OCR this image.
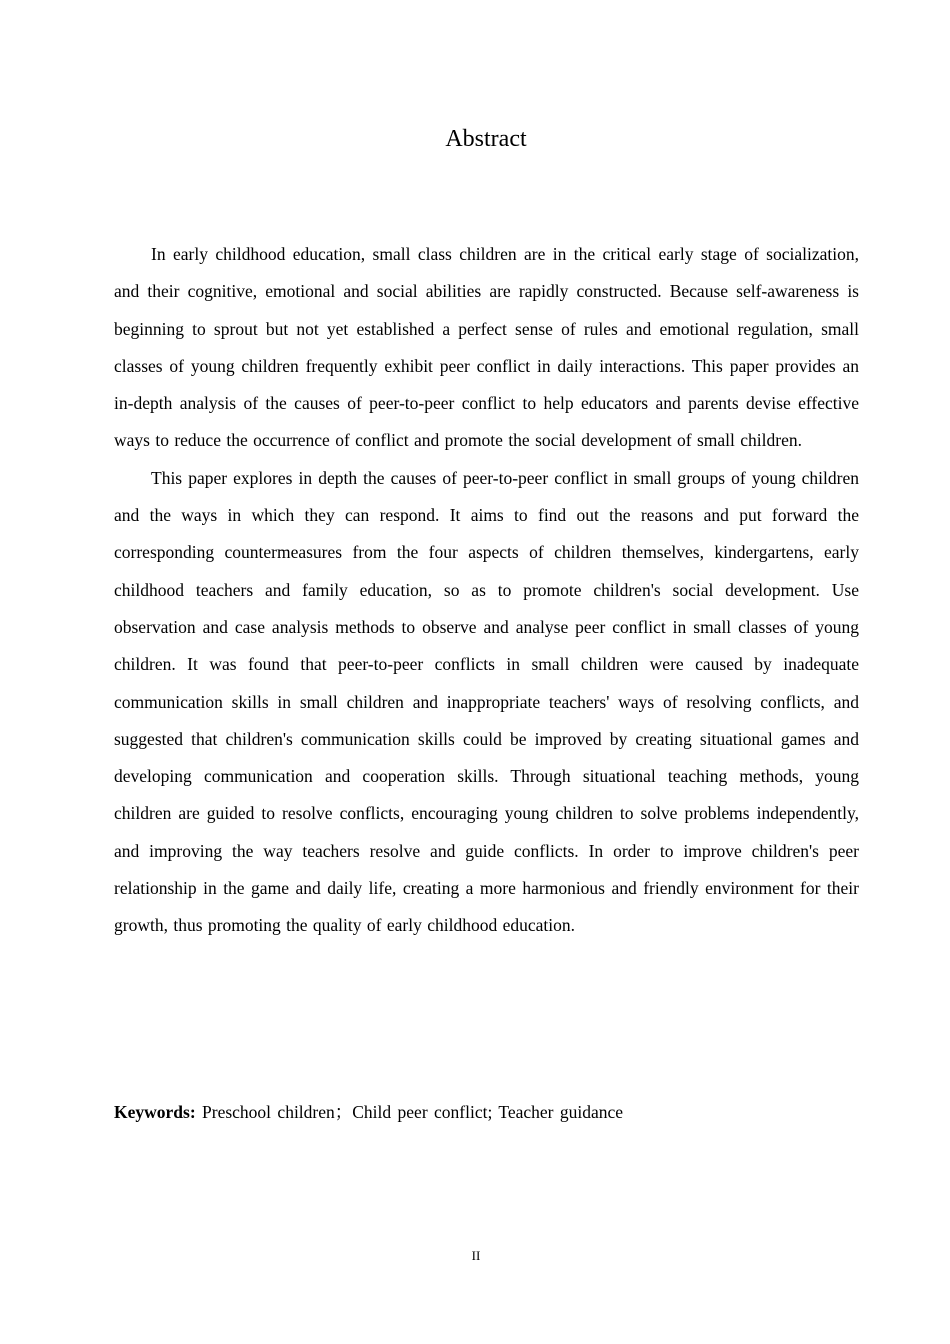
Abstract

In early childhood education, small class children are in the critical early stage of socialization, and their cognitive, emotional and social abilities are rapidly constructed. Because self-awareness is beginning to sprout but not yet established a perfect sense of rules and emotional regulation, small classes of young children frequently exhibit peer conflict in daily interactions. This paper provides an in-depth analysis of the causes of peer-to-peer conflict to help educators and parents devise effective ways to reduce the occurrence of conflict and promote the social development of small children.

This paper explores in depth the causes of peer-to-peer conflict in small groups of young children and the ways in which they can respond. It aims to find out the reasons and put forward the corresponding countermeasures from the four aspects of children themselves, kindergartens, early childhood teachers and family education, so as to promote children's social development. Use observation and case analysis methods to observe and analyse peer conflict in small classes of young children. It was found that peer-to-peer conflicts in small children were caused by inadequate communication skills in small children and inappropriate teachers' ways of resolving conflicts, and suggested that children's communication skills could be improved by creating situational games and developing communication and cooperation skills. Through situational teaching methods, young children are guided to resolve conflicts, encouraging young children to solve problems independently, and improving the way teachers resolve and guide conflicts. In order to improve children's peer relationship in the game and daily life, creating a more harmonious and friendly environment for their growth, thus promoting the quality of early childhood education.

Keywords: Preschool children；Child peer conflict; Teacher guidance

II
